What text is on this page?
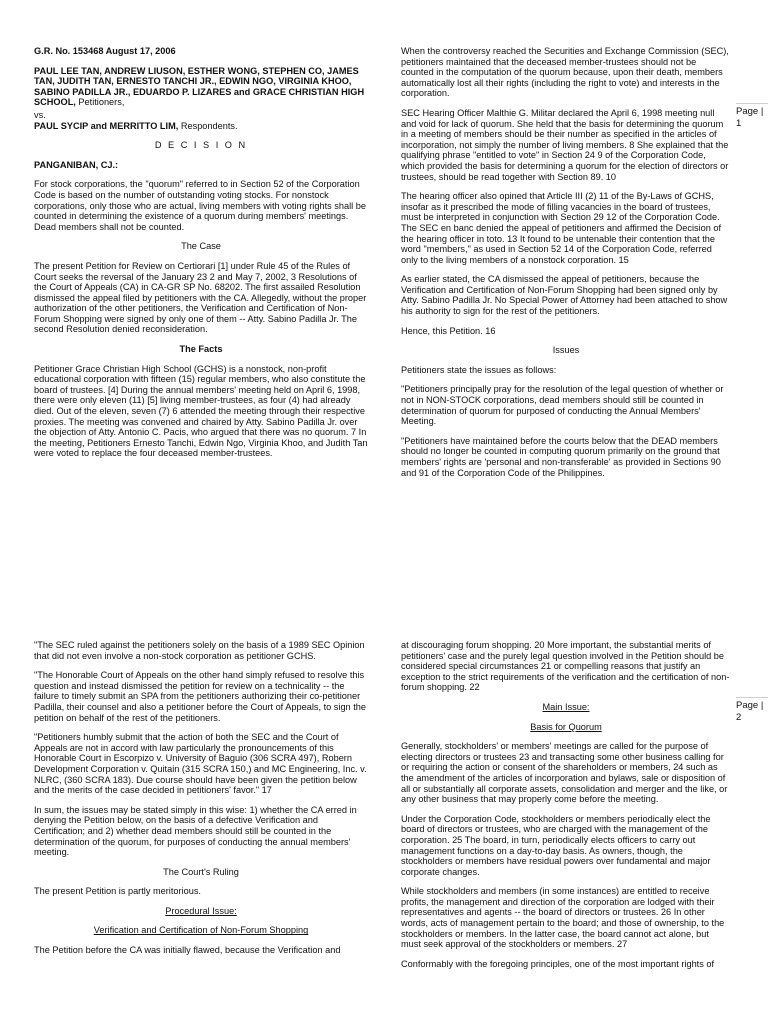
G.R. No. 153468 August 17, 2006

PAUL LEE TAN, ANDREW LIUSON, ESTHER WONG, STEPHEN CO, JAMES TAN, JUDITH TAN, ERNESTO TANCHI JR., EDWIN NGO, VIRGINIA KHOO, SABINO PADILLA JR., EDUARDO P. LIZARES and GRACE CHRISTIAN HIGH SCHOOL, Petitioners,

vs.

PAUL SYCIP and MERRITTO LIM, Respondents.

D E C I S I O N

PANGANIBAN, CJ.:

For stock corporations, the "quorum" referred to in Section 52 of the Corporation Code is based on the number of outstanding voting stocks. For nonstock corporations, only those who are actual, living members with voting rights shall be counted in determining the existence of a quorum during members' meetings. Dead members shall not be counted.

The Case

The present Petition for Review on Certiorari [1] under Rule 45 of the Rules of Court seeks the reversal of the January 23 2 and May 7, 2002, 3 Resolutions of the Court of Appeals (CA) in CA-GR SP No. 68202. The first assailed Resolution dismissed the appeal filed by petitioners with the CA. Allegedly, without the proper authorization of the other petitioners, the Verification and Certification of Non-Forum Shopping were signed by only one of them -- Atty. Sabino Padilla Jr. The second Resolution denied reconsideration.

The Facts

Petitioner Grace Christian High School (GCHS) is a nonstock, non-profit educational corporation with fifteen (15) regular members, who also constitute the board of trustees. [4] During the annual members' meeting held on April 6, 1998, there were only eleven (11) [5] living member-trustees, as four (4) had already died. Out of the eleven, seven (7) 6 attended the meeting through their respective proxies. The meeting was convened and chaired by Atty. Sabino Padilla Jr. over the objection of Atty. Antonio C. Pacis, who argued that there was no quorum. 7 In the meeting, Petitioners Ernesto Tanchi, Edwin Ngo, Virginia Khoo, and Judith Tan were voted to replace the four deceased member-trustees.

When the controversy reached the Securities and Exchange Commission (SEC), petitioners maintained that the deceased member-trustees should not be counted in the computation of the quorum because, upon their death, members automatically lost all their rights (including the right to vote) and interests in the corporation.

SEC Hearing Officer Malthie G. Militar declared the April 6, 1998 meeting null and void for lack of quorum. She held that the basis for determining the quorum in a meeting of members should be their number as specified in the articles of incorporation, not simply the number of living members. 8 She explained that the qualifying phrase "entitled to vote" in Section 24 9 of the Corporation Code, which provided the basis for determining a quorum for the election of directors or trustees, should be read together with Section 89. 10

The hearing officer also opined that Article III (2) 11 of the By-Laws of GCHS, insofar as it prescribed the mode of filling vacancies in the board of trustees, must be interpreted in conjunction with Section 29 12 of the Corporation Code. The SEC en banc denied the appeal of petitioners and affirmed the Decision of the hearing officer in toto. 13 It found to be untenable their contention that the word "members," as used in Section 52 14 of the Corporation Code, referred only to the living members of a nonstock corporation. 15

As earlier stated, the CA dismissed the appeal of petitioners, because the Verification and Certification of Non-Forum Shopping had been signed only by Atty. Sabino Padilla Jr. No Special Power of Attorney had been attached to show his authority to sign for the rest of the petitioners.

Hence, this Petition. 16

Issues

Petitioners state the issues as follows:

"Petitioners principally pray for the resolution of the legal question of whether or not in NON-STOCK corporations, dead members should still be counted in determination of quorum for purposed of conducting the Annual Members' Meeting.

"Petitioners have maintained before the courts below that the DEAD members should no longer be counted in computing quorum primarily on the ground that members' rights are 'personal and non-transferable' as provided in Sections 90 and 91 of the Corporation Code of the Philippines.

Page |
1

"The SEC ruled against the petitioners solely on the basis of a 1989 SEC Opinion that did not even involve a non-stock corporation as petitioner GCHS.

"The Honorable Court of Appeals on the other hand simply refused to resolve this question and instead dismissed the petition for review on a technicality -- the failure to timely submit an SPA from the petitioners authorizing their co-petitioner Padilla, their counsel and also a petitioner before the Court of Appeals, to sign the petition on behalf of the rest of the petitioners.

"Petitioners humbly submit that the action of both the SEC and the Court of Appeals are not in accord with law particularly the pronouncements of this Honorable Court in Escorpizo v. University of Baguio (306 SCRA 497), Robern Development Corporation v. Quitain (315 SCRA 150,) and MC Engineering, Inc. v. NLRC, (360 SCRA 183). Due course should have been given the petition below and the merits of the case decided in petitioners' favor." 17

In sum, the issues may be stated simply in this wise: 1) whether the CA erred in denying the Petition below, on the basis of a defective Verification and Certification; and 2) whether dead members should still be counted in the determination of the quorum, for purposes of conducting the annual members' meeting.

The Court's Ruling

The present Petition is partly meritorious.

Procedural Issue:

Verification and Certification of Non-Forum Shopping

The Petition before the CA was initially flawed, because the Verification and

at discouraging forum shopping. 20 More important, the substantial merits of petitioners' case and the purely legal question involved in the Petition should be considered special circumstances 21 or compelling reasons that justify an exception to the strict requirements of the verification and the certification of non-forum shopping. 22

Main Issue:

Basis for Quorum

Generally, stockholders' or members' meetings are called for the purpose of electing directors or trustees 23 and transacting some other business calling for or requiring the action or consent of the shareholders or members, 24 such as the amendment of the articles of incorporation and bylaws, sale or disposition of all or substantially all corporate assets, consolidation and merger and the like, or any other business that may properly come before the meeting.

Under the Corporation Code, stockholders or members periodically elect the board of directors or trustees, who are charged with the management of the corporation. 25 The board, in turn, periodically elects officers to carry out management functions on a day-to-day basis. As owners, though, the stockholders or members have residual powers over fundamental and major corporate changes.

While stockholders and members (in some instances) are entitled to receive profits, the management and direction of the corporation are lodged with their representatives and agents -- the board of directors or trustees. 26 In other words, acts of management pertain to the board; and those of ownership, to the stockholders or members. In the latter case, the board cannot act alone, but must seek approval of the stockholders or members. 27

Conformably with the foregoing principles, one of the most important rights of

Page |
2
